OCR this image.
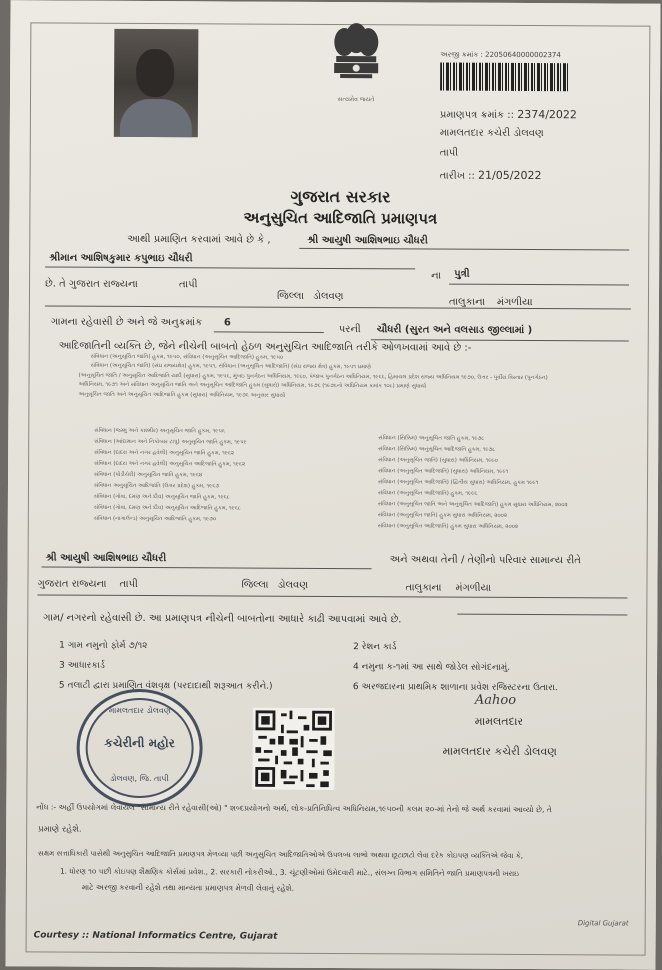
સત્યમેવ જયતે
અરજી ક્રમાંક : 22050640000002374
પ્રમાણપત્ર ક્રમાંક :: 2374/2022
મામલતદાર કચેરી ડોલવણ
તાપી
તારીખ :: 21/05/2022
ગુજરાત સરકાર
અનુસુચિત આદિજાતિ પ્રમાણપત્ર
આથી પ્રમાણિત કરવામાં આવે છે કે ,	શ્રી આયુષી આશિષભાઇ ચૌધરી
શ્રીમાન આશિષકુમાર કપુભાઇ ચૌધરી
ના પુત્રી
છે. તે ગુજરાત રાજ્યના	તાપી
જિલ્લા ડોલવણ
તાલુકાના મંગળીયા
ગામના રહેવાસી છે અને જે અનુક્રમાંક 6
પરની ચૌધરી (સુરત અને વલસાડ જીલ્લામાં )
આદિજાતિની વ્યક્તિ છે, જેને નીચેની બાબતો હેઠળ અનુસુચિત આદિજાતિ તરીકે ઓળખવામાં આવે છે :-
સંવિધાન (અનુસૂચિત જાતિ) હુકમ, ૧૯૫૦, સંવિધાન (અનુસૂચિત આદિજાતિ) હુકમ, ૧૯૫૦
સંવિધાન (અનુસૂચિત જાતિ) (સંઘ રાજ્યક્ષેત્ર) હુકમ, ૧૯૫૧, સંવિધાન (અનુસૂચિત આદિજાતિ) (સંઘ રાજ્ય ક્ષેત્ર) હુકમ, ૧૯૫૧ પ્રમાણે
(અનુસૂચિત જાતિ / અનુસૂચિત આદિજાતિ યાદી (સુધારા) હુકમ, ૧૯૫૬, મુંબઇ પુનર્ગઠન અધિનિયમ, ૧૯૬૦, પંજાબ પુનર્ગઠન અધિનિયમ, ૧૯૬૬, હિમાચલ પ્રદેશ રાજ્ય અધિનિયમ ૧૯૭૦, ઉત્તર - પૂર્વીય વિસ્તાર (પુનર્ગઠન)
અધિનિયમ, ૧૯૭૧ અને સંવિધાન અનુસૂચિત જાતિ અને અનુસૂચિત આદિજાતિ હુકમ (સુધારો) અધિનિયમ, ૧૯૭૬ (૧૯૭૬નો અધિનિયમ ક્રમાંક ૧૦૮) પ્રમાણે સુધાર્યા
અનુસૂચિત જાતિ અને અનુસૂચિત આદિજાતિ હુકમ (સુધારા) અધિનિયમ, ૧૯૭૬ અનુસાર સુધાર્યા
સંવિધાન (જમ્મુ અને કાશ્મીર) અનુસૂચિત જાતિ હુકમ, ૧૯૫૬
સંવિધાન (આંદામાન અને નિકોબાર ટાપુ) અનુસૂચિત જાતિ હુકમ, ૧૯૫૯
સંવિધાન (દાદરા અને નગર હવેલી) અનુસૂચિત જાતિ હુકમ, ૧૯૬૨
સંવિધાન (દાદરા અને નગર હવેલી) અનુસૂચિત આદિજાતિ હુકમ, ૧૯૬૨
સંવિધાન (પોંડીચેરી) અનુસૂચિત જાતિ હુકમ, ૧૯૬૪
સંવિધાન અનુસૂચિત આદિજાતિ (ઉત્તર પ્રદેશ) હુકમ, ૧૯૬૭
સંવિધાન (ગોવા, દમણ અને દીવ) અનુસૂચિત જાતિ હુકમ, ૧૯૬૮
સંવિધાન (ગોવા, દમણ અને દીવ) અનુસૂચિત આદિજાતિ હુકમ, ૧૯૬૮
સંવિધાન (નાગાલેન્ડ) અનુસૂચિત આદિજાતિ હુકમ, ૧૯૭૦
સંવિધાન (સિક્કિમ) અનુસૂચિત જાતિ હુકમ, ૧૯૭૮
સંવિધાન (સિક્કિમ) અનુસૂચિત આદિજાતિ હુકમ, ૧૯૭૮
સંવિધાન (અનુસૂચિત જાતિ) (સુધારા) અધિનિયમ, ૧૯૯૦
સંવિધાન (અનુસૂચિત આદિજાતિ) (સુધારા) અધિનિયમ, ૧૯૯૧
સંવિધાન (અનુસૂચિત આદિજાતિ) (દ્વિતીય સુધારા) અધિનિયમ, હુકમ ૧૯૯૧
સંવિધાન (અનુસૂચિત આદિજાતિ) હુકમ, ૧૯૯૬
સંવિધાન (અનુસૂચિત જાતિ અને અનુસૂચિત આદિજાતિ) હુકમ સુધારા અધિનિયમ, ૨૦૦૨
સંવિધાન (અનુસૂચિત જાતિ) હુકમ સુધારા અધિનિયમ, ૨૦૦૨
સંવિધાન (અનુસૂચિત આદિજાતિ) હુકમ સુધારા અધિનિયમ, ૨૦૦૨
શ્રી આયુષી આશિષભાઇ ચૌધરી	અને અથવા તેની / તેણીનો પરિવાર સામાન્ય રીતે
ગુજરાત રાજ્યના તાપી	જિલ્લા ડોલવણ	તાલુકાના મંગળીયા
ગામ/ નગરનો રહેવાસી છે. આ પ્રમાણપત્ર નીચેની બાબતોના આધારે કાઢી આપવામાં આવે છે.
1 ગામ નમુનો ફોર્મ ૭/૧૨	2 રેશન કાર્ડ
3 આધારકાર્ડ	4 નમુના ક-૧માં આ સાથે જોડેલ સોગંદનામું.
5 તલાટી દ્વારા પ્રમાણિત વંશવૃક્ષ (પરદાદાથી શરૂઆત કરીને.)	6 અરજદારના પ્રાથમિક શાળાના પ્રવેશ રજિસ્ટરના ઉતારા.
મામલતદાર ડોલવણ
કચેરીની મહોર
ડોલવણ, જિ. તાપી
Aahoo
મામલતદાર
મામલતદાર કચેરી ડોલવણ
નોંધ :- અહીં ઉપયોગમાં લેવાયેલ "સામાન્ય રીતે રહેવાસી(ઓ) " શબ્દપ્રયોગનો અર્થ, લોક-પ્રતિનિધિત્વ અધિનિયમ,૧૯૫૦ની કલમ ૨૦-માં તેનો જે અર્થ કરવામાં આવ્યો છે, તે
પ્રમાણે રહેશે.
સક્ષમ સત્તાધિકારી પાસેથી અનુસુચિત આદિજાતિ પ્રમાણપત્ર મેળવ્યા પછી અનુસુચિત આદિજાતિઓએ ઉપલબ્ધ લાભો અથવા છૂટછાટો લેવા દરેક કોઇપણ વ્યક્તિએ જેવા કે,
1. ધોરણ ૧૦ પછી કોઇપણ શૈક્ષણિક કોર્સમાં પ્રવેશ., 2. સરકારી નોકરીઓ., 3. ચૂંટણીઓમાં ઉમેદવારી માટે., સંલગ્ન વિભાગ સમિતિને જાતિ પ્રમાણપત્રની ખરાઇ
માટે અરજી કરવાની રહેશે તથા માન્યતા પ્રમાણપત્ર મેળવી લેવાનું રહેશે.
Courtesy :: National Informatics Centre, Gujarat
Digital Gujarat
